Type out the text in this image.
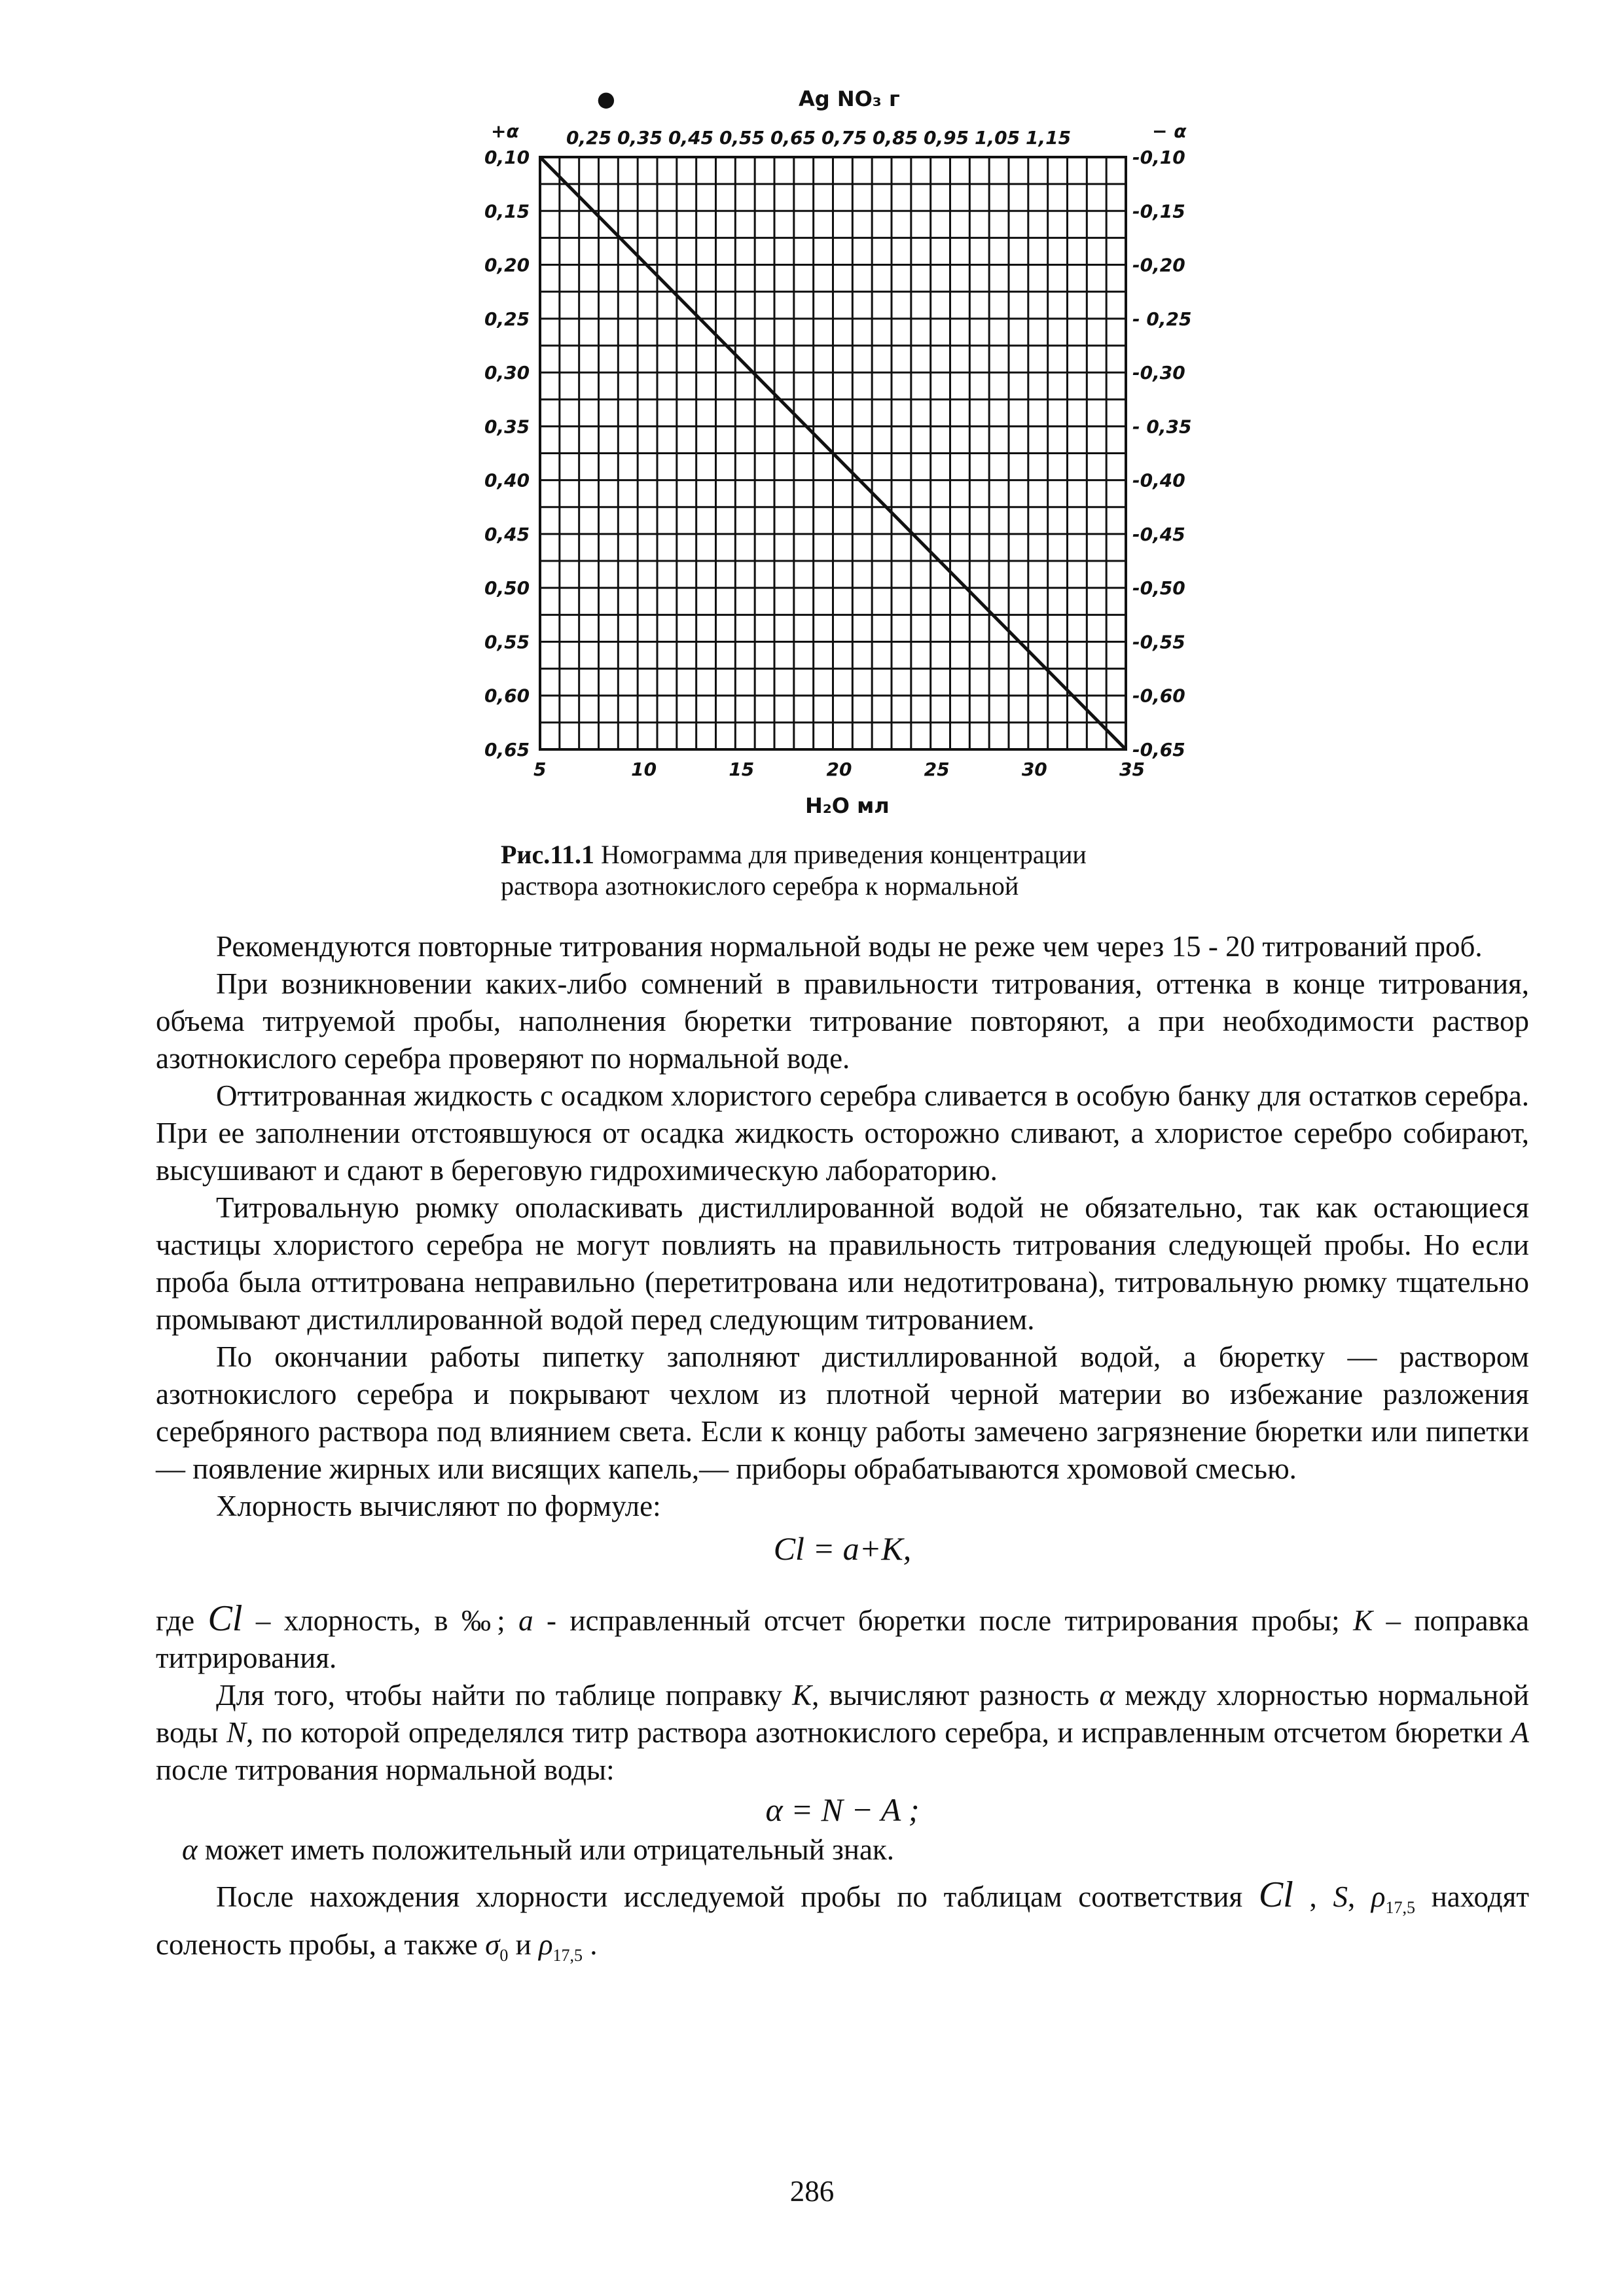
+α	− α
●	Ag NO₃ г
H₂O мл
0,25 0,35 0,45 0,55 0,65 0,75 0,85 0,95 1,05 1,15
0,10
0,15
0,20
0,25
0,30
0,35
0,40
0,45
0,50
0,55
0,60
0,65
-0,10
-0,15
-0,20
- 0,25
-0,30
- 0,35
-0,40
-0,45
-0,50
-0,55
-0,60
-0,65
5	10	15	20	25	30	35
Рис.11.1 Номограмма для приведения концентрации раствора азотнокислого серебра к нормальной

Рекомендуются повторные титрования нормальной воды не реже чем через 15 - 20 титрований проб.

При возникновении каких-либо сомнений в правильности титрования, оттенка в конце титрования, объема титруемой пробы, наполнения бюретки титрование повторяют, а при необходимости раствор азотнокислого серебра проверяют по нормальной воде.

Оттитрованная жидкость с осадком хлористого серебра сливается в особую банку для остатков серебра. При ее заполнении отстоявшуюся от осадка жидкость осторожно сливают, а хлористое серебро собирают, высушивают и сдают в береговую гидрохимическую лабораторию.

Титровальную рюмку ополаскивать дистиллированной водой не обязательно, так как остающиеся частицы хлористого серебра не могут повлиять на правильность титрования следующей пробы. Но если проба была оттитрована неправильно (перетитрована или недотитрована), титровальную рюмку тщательно промывают дистиллированной водой перед следующим титрованием.

По окончании работы пипетку заполняют дистиллированной водой, а бюретку — раствором азотнокислого серебра и покрывают чехлом из плотной черной материи во избежание разложения серебряного раствора под влиянием света. Если к концу работы замечено загрязнение бюретки или пипетки — появление жирных или висящих капель,— приборы обрабатываются хромовой смесью.

Хлорность вычисляют по формуле:

Cl = a+K,

где Cl – хлорность, в ‰; a - исправленный отсчет бюретки после титрирования пробы; K – поправка титрирования.

Для того, чтобы найти по таблице поправку K, вычисляют разность α между хлорностью нормальной воды N, по которой определялся титр раствора азотнокислого серебра, и исправленным отсчетом бюретки A после титрования нормальной воды:

α = N − A ;

α может иметь положительный или отрицательный знак.

После нахождения хлорности исследуемой пробы по таблицам соответствия Cl , S, $\rho_{17,5}$ находят соленость пробы, а также $\sigma_0$ и $\rho_{17,5}$ .

286
